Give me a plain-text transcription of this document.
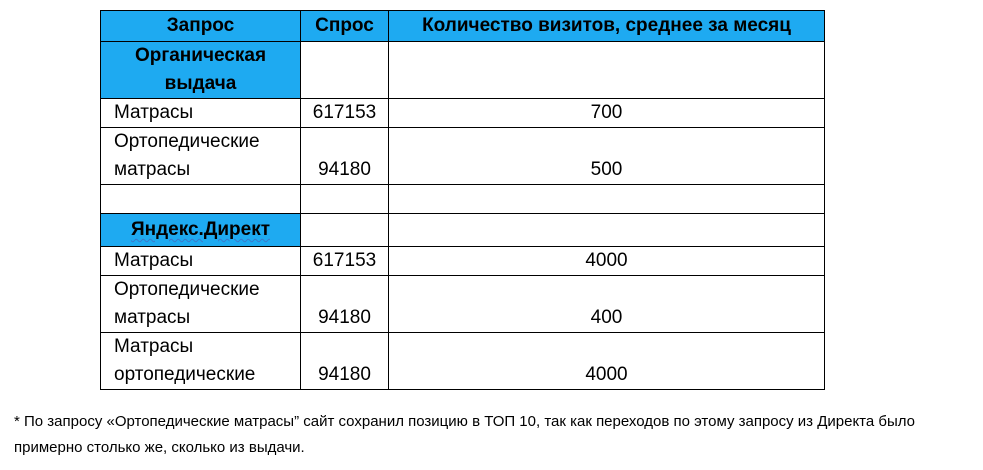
Запрос	Спрос	Количество визитов, среднее за месяц
Органическая выдача		
Матрасы	617153	700
Ортопедические матрасы	94180	500

Яндекс.Директ		
Матрасы	617153	4000
Ортопедические матрасы	94180	400
Матрасы ортопедические	94180	4000

* По запросу «Ортопедические матрасы” сайт сохранил позицию в ТОП 10, так как переходов по этому запросу из Директа было примерно столько же, сколько из выдачи.
